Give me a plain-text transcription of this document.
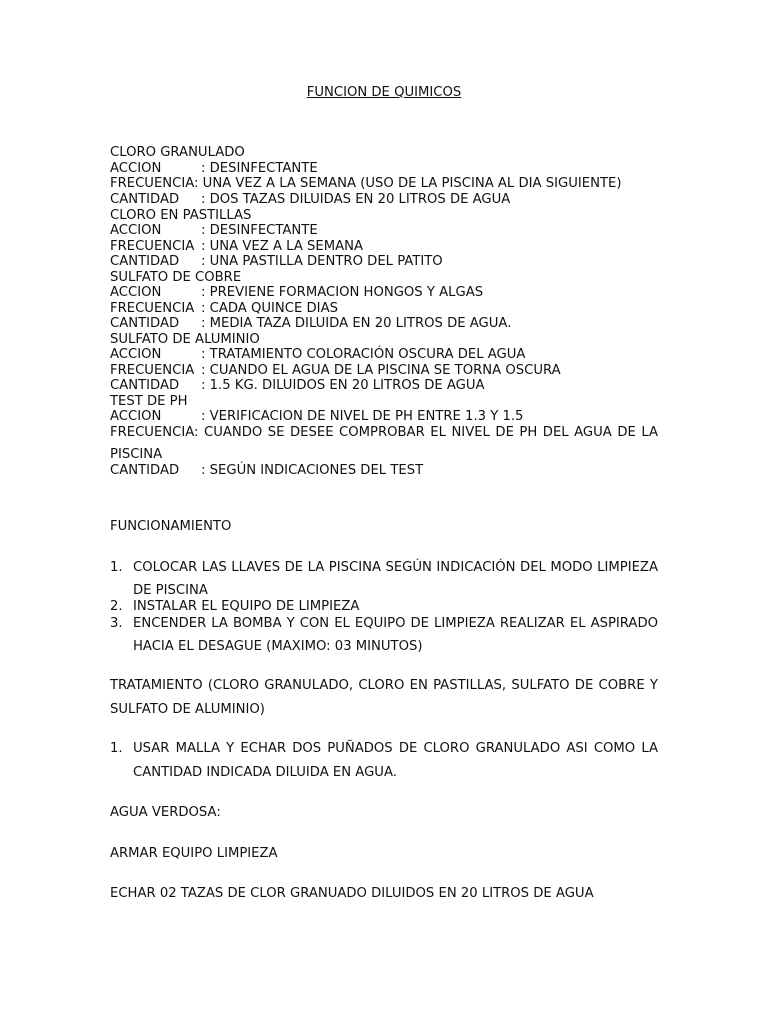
FUNCION DE QUIMICOS
CLORO GRANULADO
ACCION	: DESINFECTANTE
FRECUENCIA: UNA VEZ A LA SEMANA (USO DE LA PISCINA AL DIA SIGUIENTE)
CANTIDAD : DOS TAZAS DILUIDAS EN 20 LITROS DE AGUA
CLORO EN PASTILLAS
ACCION	: DESINFECTANTE
FRECUENCIA : UNA VEZ A LA SEMANA
CANTIDAD : UNA PASTILLA DENTRO DEL PATITO
SULFATO DE COBRE
ACCION	: PREVIENE FORMACION HONGOS Y ALGAS
FRECUENCIA : CADA QUINCE DIAS
CANTIDAD : MEDIA TAZA DILUIDA EN 20 LITROS DE AGUA.
SULFATO DE ALUMINIO
ACCION	: TRATAMIENTO COLORACIÓN OSCURA DEL AGUA
FRECUENCIA : CUANDO EL AGUA DE LA PISCINA SE TORNA OSCURA
CANTIDAD : 1.5 KG. DILUIDOS EN 20 LITROS DE AGUA
TEST DE PH
ACCION	: VERIFICACION DE NIVEL DE PH ENTRE 1.3 Y 1.5
FRECUENCIA: CUANDO SE DESEE COMPROBAR EL NIVEL DE PH DEL AGUA DE LA PISCINA
CANTIDAD : SEGÚN INDICACIONES DEL TEST
FUNCIONAMIENTO
1. COLOCAR LAS LLAVES DE LA PISCINA SEGÚN INDICACIÓN DEL MODO LIMPIEZA DE PISCINA
2. INSTALAR EL EQUIPO DE LIMPIEZA
3. ENCENDER LA BOMBA Y CON EL EQUIPO DE LIMPIEZA REALIZAR EL ASPIRADO HACIA EL DESAGUE (MAXIMO: 03 MINUTOS)
TRATAMIENTO (CLORO GRANULADO, CLORO EN PASTILLAS, SULFATO DE COBRE Y SULFATO DE ALUMINIO)
1. USAR MALLA Y ECHAR DOS PUÑADOS DE CLORO GRANULADO ASI COMO LA CANTIDAD INDICADA DILUIDA EN AGUA.
AGUA VERDOSA:
ARMAR EQUIPO LIMPIEZA
ECHAR 02 TAZAS DE CLOR GRANUADO DILUIDOS EN 20 LITROS DE AGUA
